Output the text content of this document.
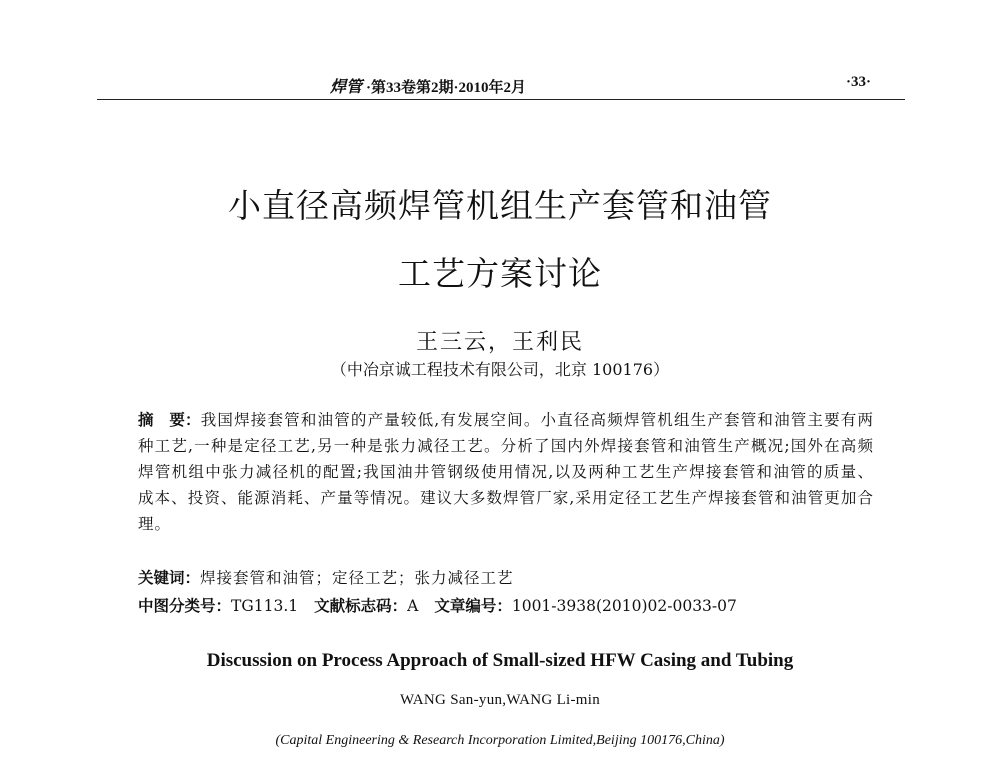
焊管 ·第33卷第2期·2010年2月	·33·
小直径高频焊管机组生产套管和油管
工艺方案讨论
王三云，王利民
（中冶京诚工程技术有限公司，北京 100176）
摘　要：我国焊接套管和油管的产量较低,有发展空间。小直径高频焊管机组生产套管和油管主要有两种工艺,一种是定径工艺,另一种是张力减径工艺。分析了国内外焊接套管和油管生产概况;国外在高频焊管机组中张力减径机的配置;我国油井管钢级使用情况,以及两种工艺生产焊接套管和油管的质量、成本、投资、能源消耗、产量等情况。建议大多数焊管厂家,采用定径工艺生产焊接套管和油管更加合理。
关键词：焊接套管和油管；定径工艺；张力减径工艺
中图分类号：TG113.1 文献标志码：A 文章编号：1001-3938(2010)02-0033-07
Discussion on Process Approach of Small-sized HFW Casing and Tubing
WANG San-yun,WANG Li-min
(Capital Engineering & Research Incorporation Limited,Beijing 100176,China)
